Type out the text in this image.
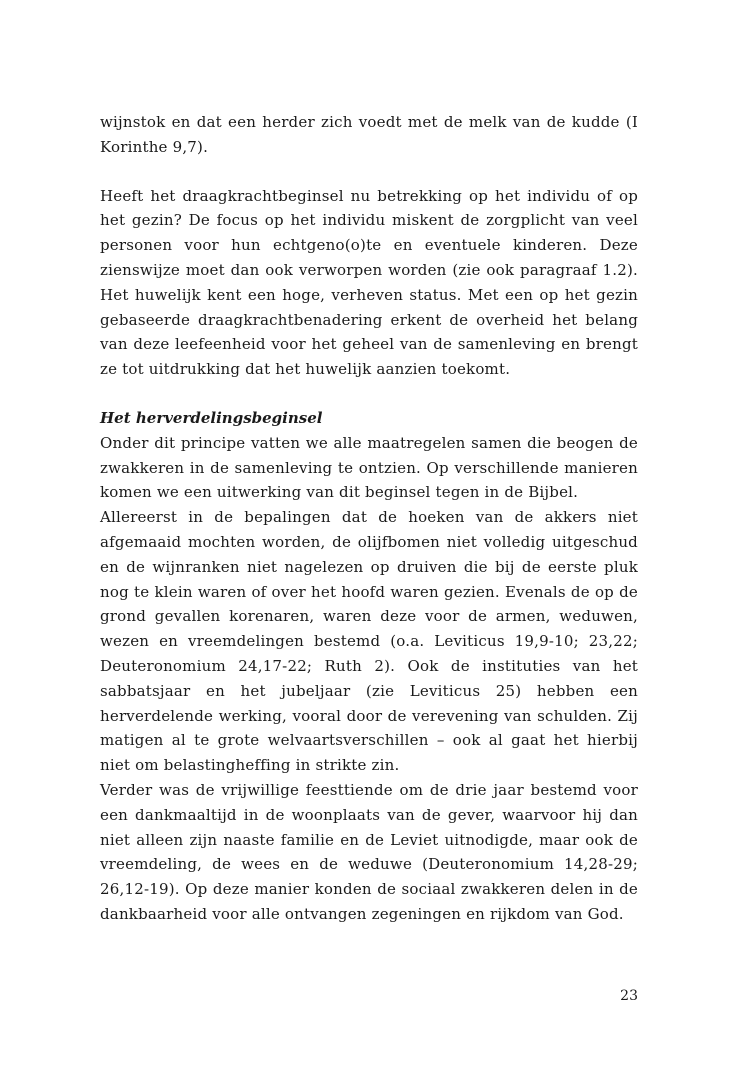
wijnstok en dat een herder zich voedt met de melk van de kudde (I Korinthe 9,7).

Heeft het draagkrachtbeginsel nu betrekking op het individu of op het gezin? De focus op het individu miskent de zorgplicht van veel personen voor hun echtgeno(o)te en eventuele kinderen. Deze zienswijze moet dan ook verworpen worden (zie ook paragraaf 1.2). Het huwelijk kent een hoge, verheven status. Met een op het gezin gebaseerde draagkrachtbenadering erkent de overheid het belang van deze leefeenheid voor het geheel van de samenleving en brengt ze tot uitdrukking dat het huwelijk aanzien toekomt.

Het herverdelingsbeginsel

Onder dit principe vatten we alle maatregelen samen die beogen de zwakkeren in de samenleving te ontzien. Op verschillende manieren komen we een uitwerking van dit beginsel tegen in de Bijbel.

Allereerst in de bepalingen dat de hoeken van de akkers niet afgemaaid mochten worden, de olijfbomen niet volledig uitgeschud en de wijnranken niet nagelezen op druiven die bij de eerste pluk nog te klein waren of over het hoofd waren gezien. Evenals de op de grond gevallen korenaren, waren deze voor de armen, weduwen, wezen en vreemdelingen bestemd (o.a. Leviticus 19,9-10; 23,22; Deuteronomium 24,17-22; Ruth 2). Ook de instituties van het sabbatsjaar en het jubeljaar (zie Leviticus 25) hebben een herverdelende werking, vooral door de verevening van schulden. Zij matigen al te grote welvaartsverschillen – ook al gaat het hierbij niet om belastingheffing in strikte zin.

Verder was de vrijwillige feesttiende om de drie jaar bestemd voor een dankmaaltijd in de woonplaats van de gever, waarvoor hij dan niet alleen zijn naaste familie en de Leviet uitnodigde, maar ook de vreemdeling, de wees en de weduwe (Deuteronomium 14,28-29; 26,12-19). Op deze manier konden de sociaal zwakkeren delen in de dankbaarheid voor alle ontvangen zegeningen en rijkdom van God.

23
